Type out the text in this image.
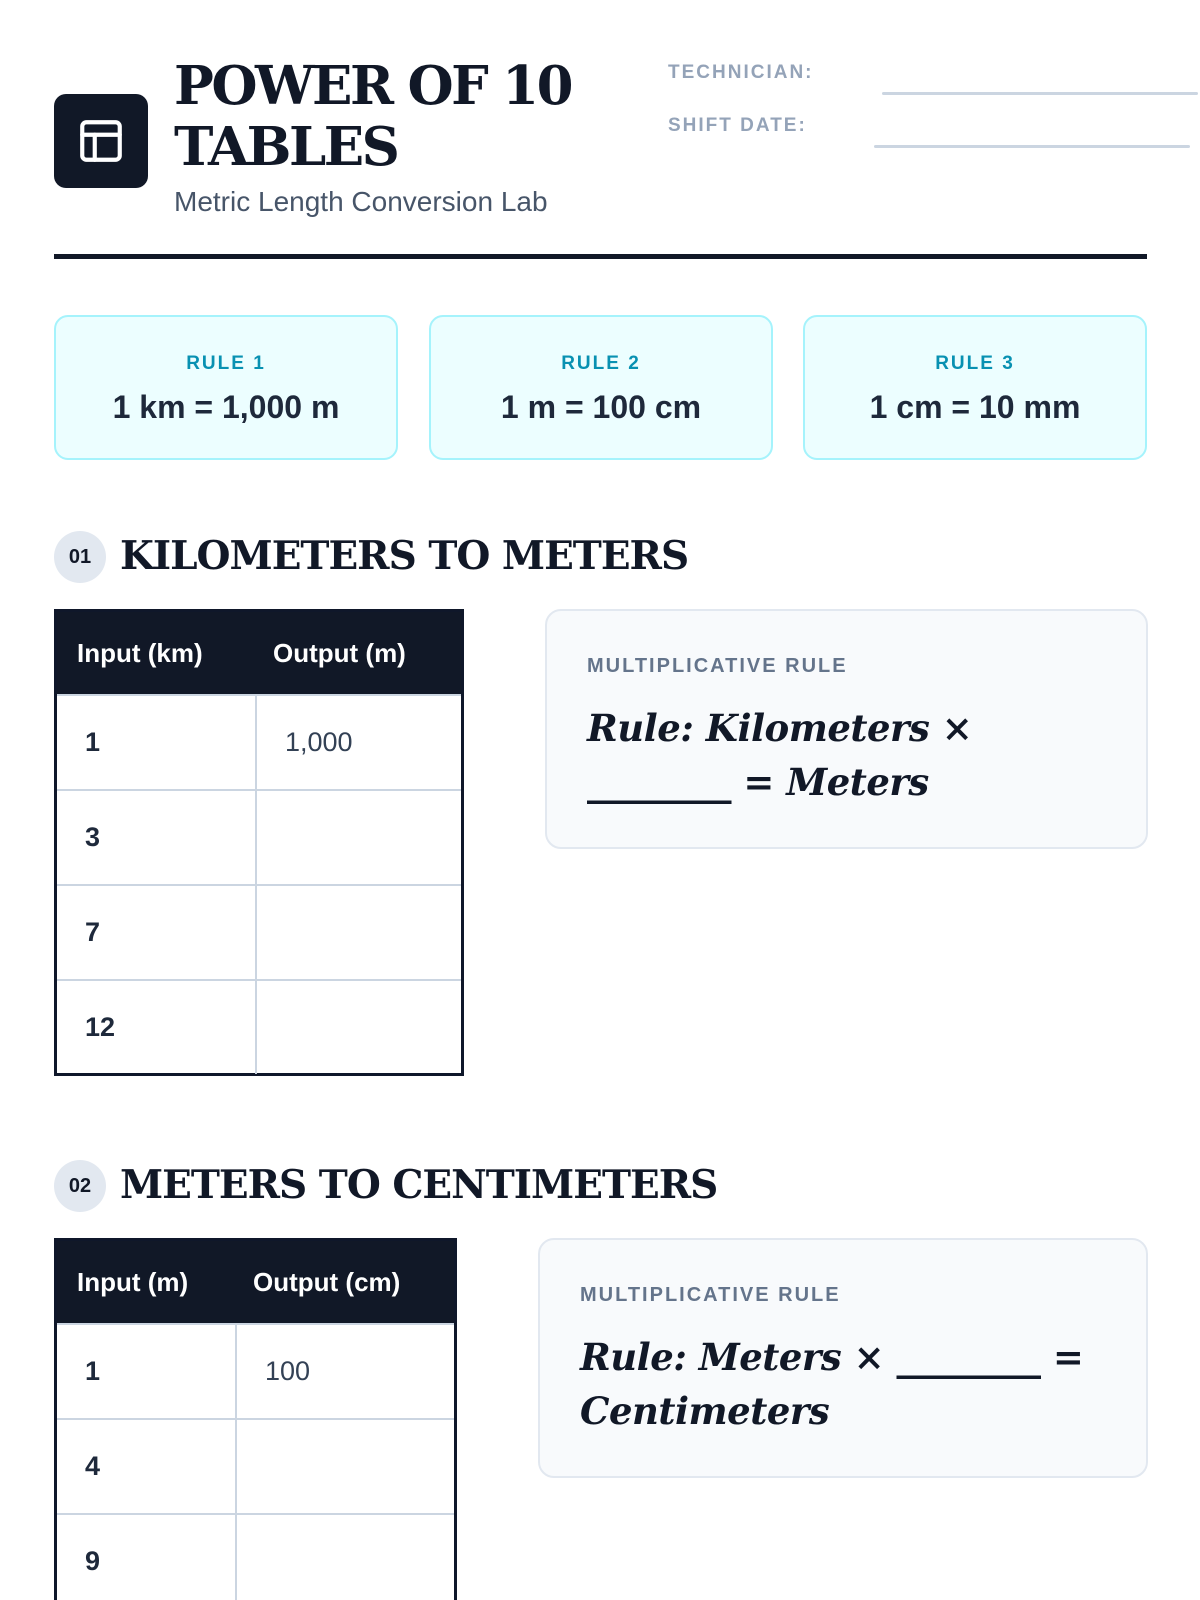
POWER OF 10 TABLES
Metric Length Conversion Lab
TECHNICIAN:
SHIFT DATE:
RULE 1
1 km = 1,000 m
RULE 2
1 m = 100 cm
RULE 3
1 cm = 10 mm
01 KILOMETERS TO METERS
Input (km)	Output (m)
1	1,000
3
7
12
MULTIPLICATIVE RULE
Rule: Kilometers × ________ = Meters
02 METERS TO CENTIMETERS
Input (m)	Output (cm)
1	100
4
9
MULTIPLICATIVE RULE
Rule: Meters × ________ = Centimeters
